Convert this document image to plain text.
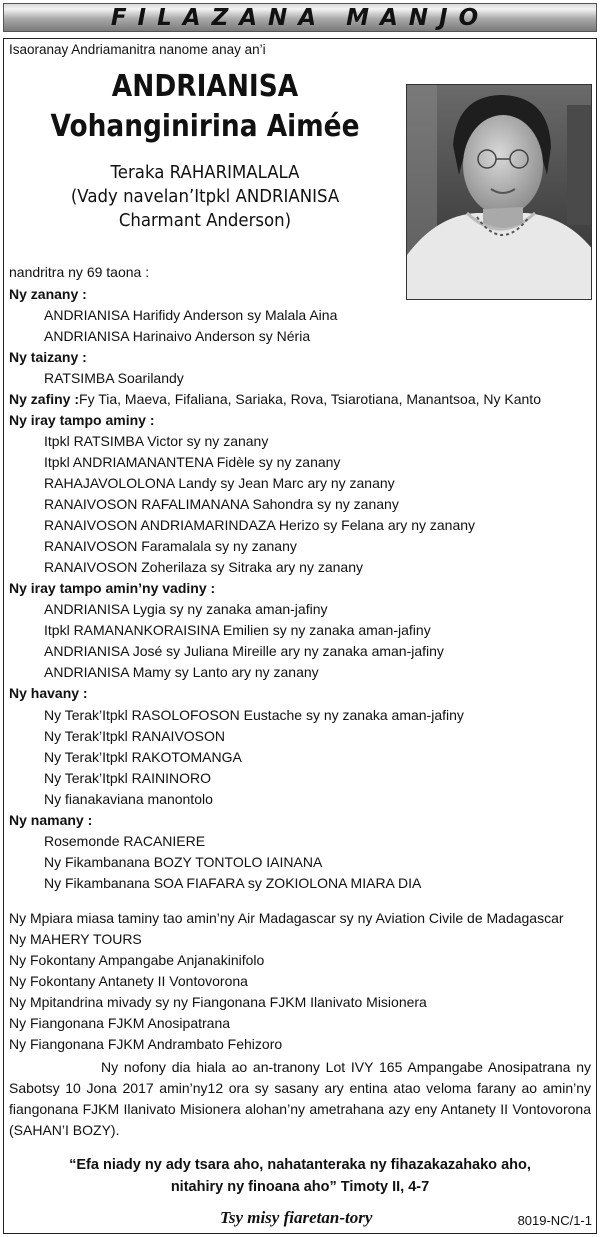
FILAZANA MANJO
Isaoranay Andriamanitra nanome anay an’i
ANDRIANISA
Vohanginirina Aimée
Teraka RAHARIMALALA
(Vady navelan’Itpkl ANDRIANISA
Charmant Anderson)
nandritra ny 69 taona :
Ny zanany :
ANDRIANISA Harifidy Anderson sy Malala Aina
ANDRIANISA Harinaivo Anderson sy Néria
Ny taizany :
RATSIMBA Soarilandy
Ny zafiny :Fy Tia, Maeva, Fifaliana, Sariaka, Rova, Tsiarotiana, Manantsoa, Ny Kanto
Ny iray tampo aminy :
Itpkl RATSIMBA Victor sy ny zanany
Itpkl ANDRIAMANANTENA Fidèle sy ny zanany
RAHAJAVOLOLONA Landy sy Jean Marc ary ny zanany
RANAIVOSON RAFALIMANANA Sahondra sy ny zanany
RANAIVOSON ANDRIAMARINDAZA Herizo sy Felana ary ny zanany
RANAIVOSON Faramalala sy ny zanany
RANAIVOSON Zoherilaza sy Sitraka ary ny zanany
Ny iray tampo amin’ny vadiny :
ANDRIANISA Lygia sy ny zanaka aman-jafiny
Itpkl RAMANANKORAISINA Emilien sy ny zanaka aman-jafiny
ANDRIANISA José sy Juliana Mireille ary ny zanaka aman-jafiny
ANDRIANISA Mamy sy Lanto ary ny zanany
Ny havany :
Ny Terak’Itpkl RASOLOFOSON Eustache sy ny zanaka aman-jafiny
Ny Terak’Itpkl RANAIVOSON
Ny Terak’Itpkl RAKOTOMANGA
Ny Terak’Itpkl RAININORO
Ny fianakaviana manontolo
Ny namany :
Rosemonde RACANIERE
Ny Fikambanana BOZY TONTOLO IAINANA
Ny Fikambanana SOA FIAFARA sy ZOKIOLONA MIARA DIA
Ny Mpiara miasa taminy tao amin’ny Air Madagascar sy ny Aviation Civile de Madagascar
Ny MAHERY TOURS
Ny Fokontany Ampangabe Anjanakinifolo
Ny Fokontany Antanety II Vontovorona
Ny Mpitandrina mivady sy ny Fiangonana FJKM Ilanivato Misionera
Ny Fiangonana FJKM Anosipatrana
Ny Fiangonana FJKM Andrambato Fehizoro
Ny nofony dia hiala ao an-tranony Lot IVY 165 Ampangabe Anosipatrana ny Sabotsy 10 Jona 2017 amin’ny12 ora sy sasany ary entina atao veloma farany ao amin’ny fiangonana FJKM Ilanivato Misionera alohan’ny ametrahana azy eny Antanety II Vontovorona (SAHAN’I BOZY).
“Efa niady ny ady tsara aho, nahatanteraka ny fihazakazahako aho,
nitahiry ny finoana aho” Timoty II, 4-7
Tsy misy fiaretan-tory	8019-NC/1-1
